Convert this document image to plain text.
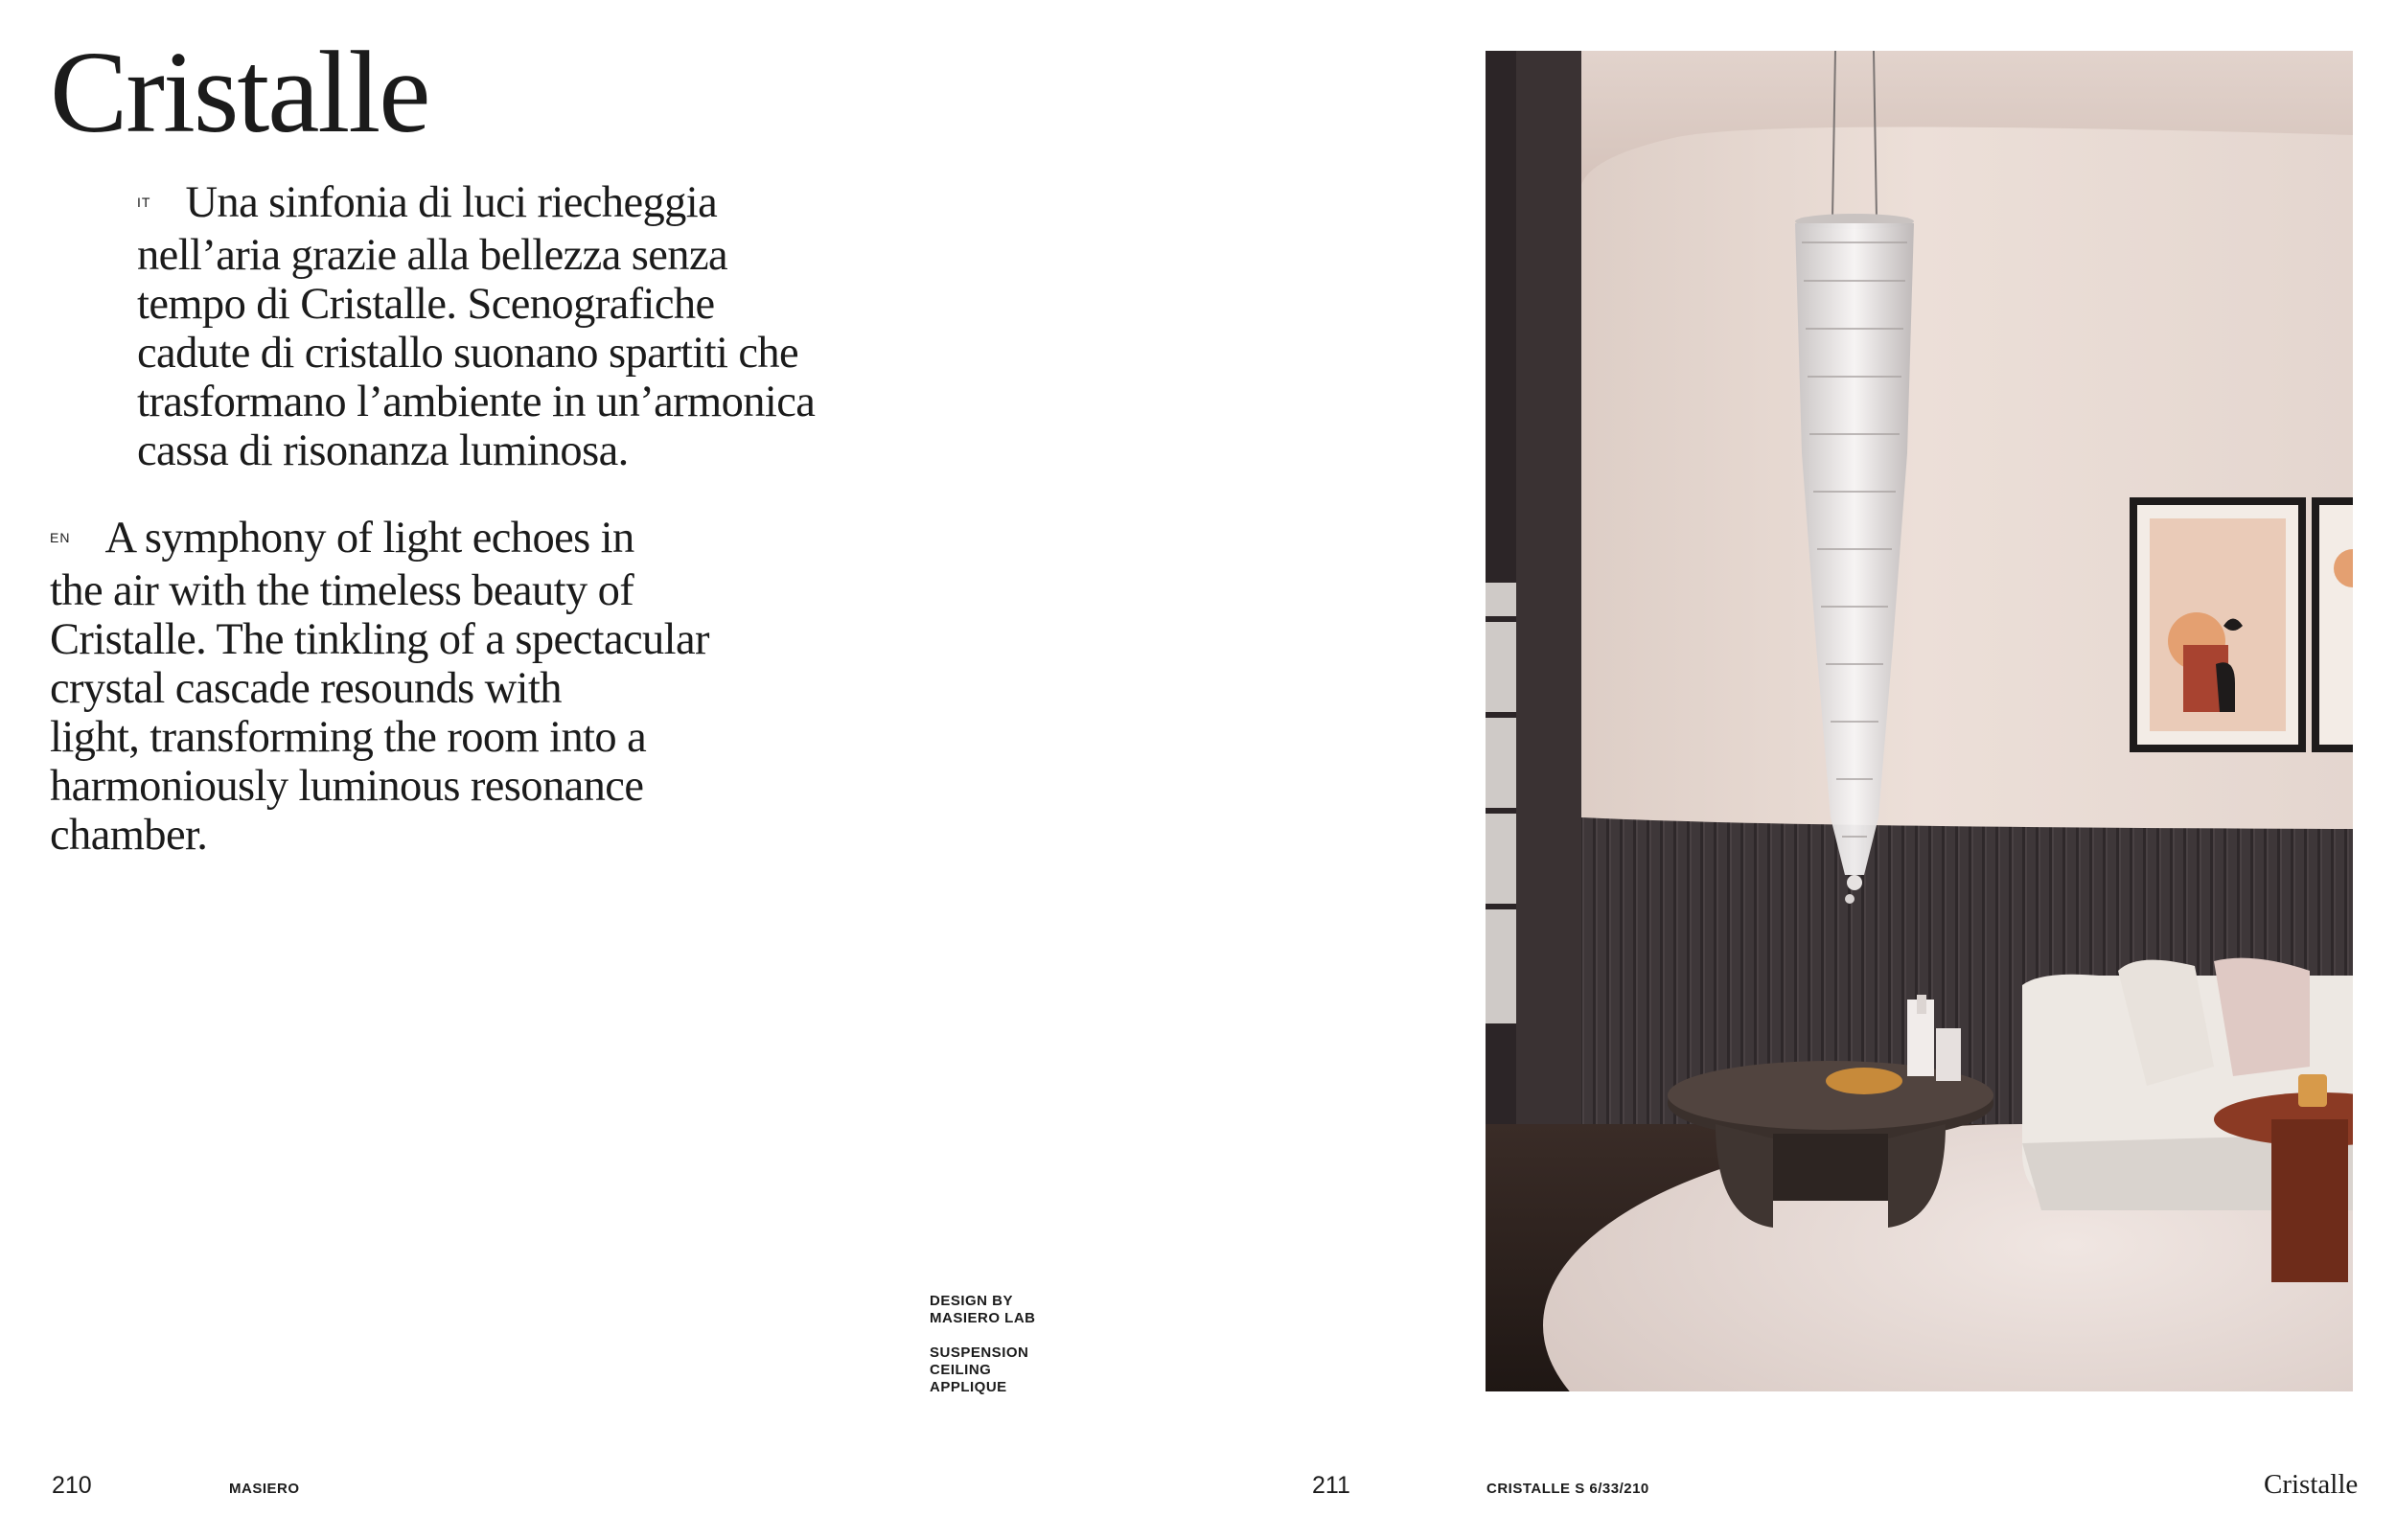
Cristalle
IT Una sinfonia di luci riecheggia
nell’aria grazie alla bellezza senza
tempo di Cristalle. Scenografiche
cadute di cristallo suonano spartiti che
trasformano l’ambiente in un’armonica
cassa di risonanza luminosa.
EN A symphony of light echoes in
the air with the timeless beauty of
Cristalle. The tinkling of a spectacular
crystal cascade resounds with
light, transforming the room into a
harmoniously luminous resonance
chamber.
DESIGN BY
MASIERO LAB
SUSPENSION
CEILING
APPLIQUE
210	MASIERO	211	CRISTALLE S 6/33/210	Cristalle
